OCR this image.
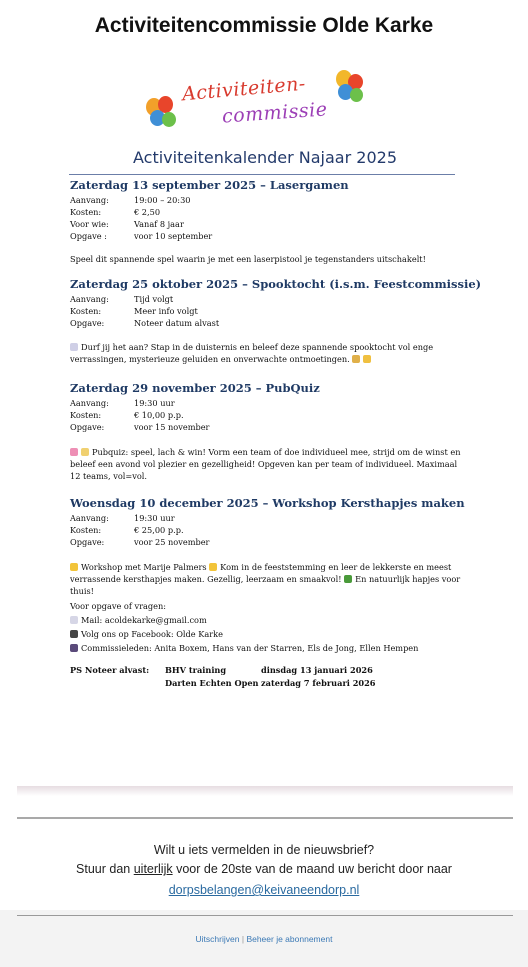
Activiteitencommissie Olde Karke
Activiteiten-
commissie
Activiteitenkalender Najaar 2025
Zaterdag 13 september 2025 – Lasergamen
Aanvang:	19:00 – 20:30
Kosten:	€ 2,50
Voor wie:	Vanaf 8 jaar
Opgave :	voor 10 september
Speel dit spannende spel waarin je met een laserpistool je tegenstanders uitschakelt!
Zaterdag 25 oktober 2025 – Spooktocht (i.s.m. Feestcommissie)
Aanvang:	Tijd volgt
Kosten:	Meer info volgt
Opgave:	Noteer datum alvast
Durf jij het aan? Stap in de duisternis en beleef deze spannende spooktocht vol enge verrassingen, mysterieuze geluiden en onverwachte ontmoetingen.
Zaterdag 29 november 2025 – PubQuiz
Aanvang:	19:30 uur
Kosten:	€ 10,00 p.p.
Opgave:	voor 15 november
Pubquiz: speel, lach & win! Vorm een team of doe individueel mee, strijd om de winst en beleef een avond vol plezier en gezelligheid! Opgeven kan per team of individueel. Maximaal 12 teams, vol=vol.
Woensdag 10 december 2025 – Workshop Kersthapjes maken
Aanvang:	19:30 uur
Kosten:	€ 25,00 p.p.
Opgave:	voor 25 november
Workshop met Marije Palmers Kom in de feeststemming en leer de lekkerste en meest verrassende kersthapjes maken. Gezellig, leerzaam en smaakvol! En natuurlijk hapjes voor thuis!
Voor opgave of vragen:
Mail: acoldekarke@gmail.com
Volg ons op Facebook: Olde Karke
Commissieleden: Anita Boxem, Hans van der Starren, Els de Jong, Ellen Hempen
PS Noteer alvast: BHV training	dinsdag 13 januari 2026
Darten Echten Open zaterdag 7 februari 2026
Wilt u iets vermelden in de nieuwsbrief?
Stuur dan uiterlijk voor de 20ste van de maand uw bericht door naar
dorpsbelangen@keivaneendorp.nl
Uitschrijven | Beheer je abonnement
